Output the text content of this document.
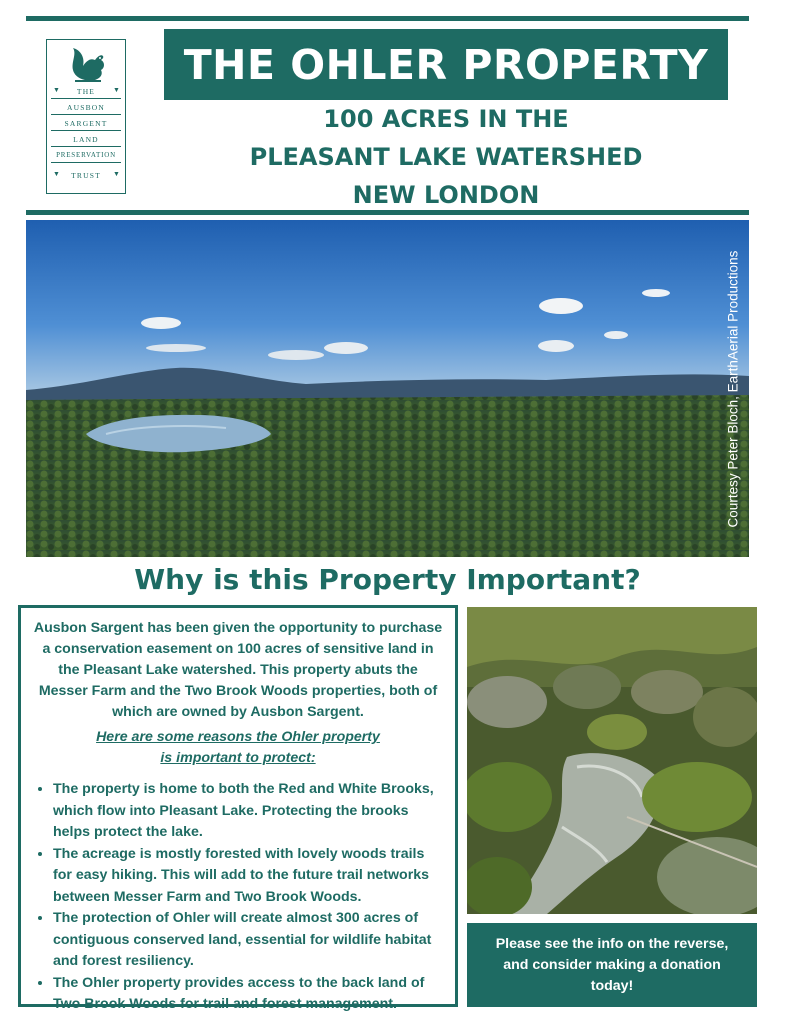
▼	▼
THE
AUSBON
SARGENT
LAND
PRESERVATION
▼	▼
TRUST
THE OHLER PROPERTY
100 ACRES IN THE
PLEASANT LAKE WATERSHED
NEW LONDON
Courtesy Peter Bloch, EarthAerial Productions
Why is this Property Important?

Ausbon Sargent has been given the opportunity to purchase a conservation easement on 100 acres of sensitive land in the Pleasant Lake watershed. This property abuts the Messer Farm and the Two Brook Woods properties, both of which are owned by Ausbon Sargent.

Here are some reasons the Ohler property
is important to protect:

• The property is home to both the Red and White Brooks, which flow into Pleasant Lake. Protecting the brooks helps protect the lake.
• The acreage is mostly forested with lovely woods trails for easy hiking. This will add to the future trail networks between Messer Farm and Two Brook Woods.
• The protection of Ohler will create almost 300 acres of contiguous conserved land, essential for wildlife habitat and forest resiliency.
• The Ohler property provides access to the back land of Two Brook Woods for trail and forest management.
Please see the info on the reverse,
and consider making a donation
today!
